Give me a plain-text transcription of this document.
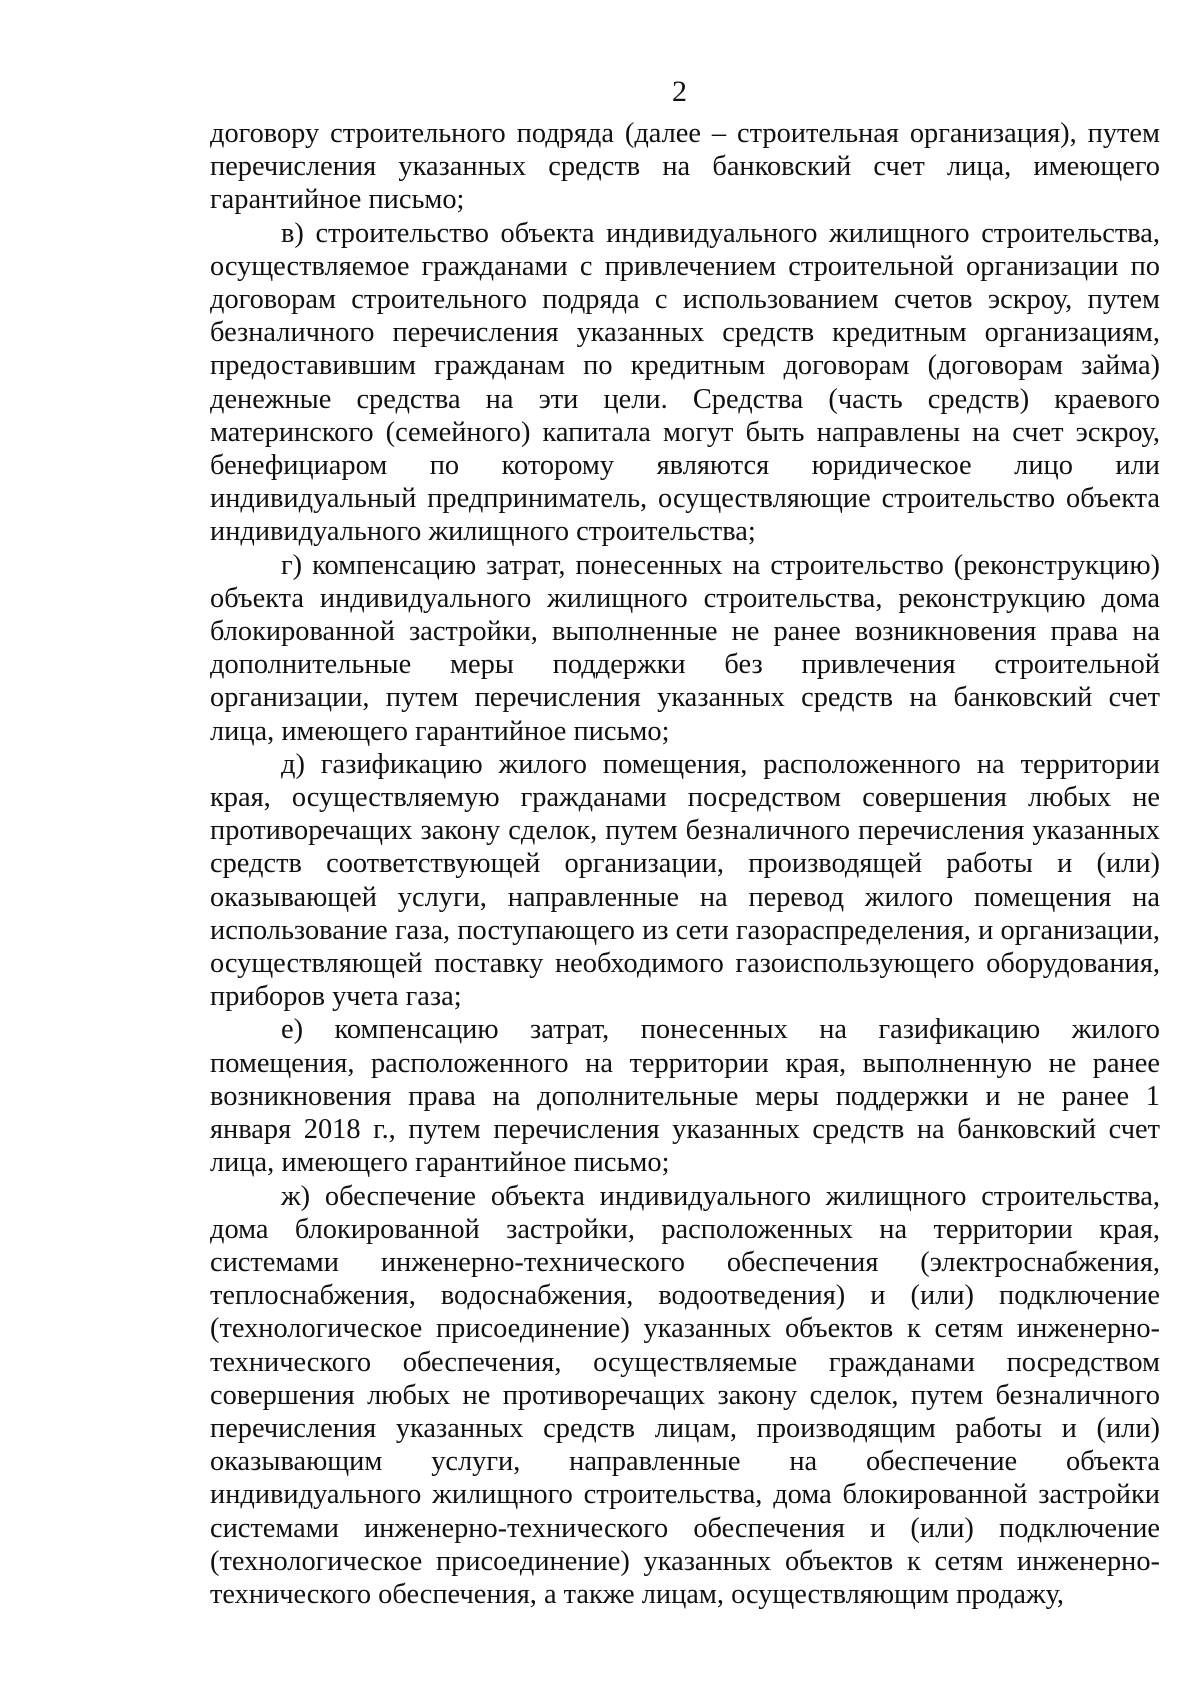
2

договору строительного подряда (далее – строительная организация), путем перечисления указанных средств на банковский счет лица, имеющего гарантийное письмо;

в) строительство объекта индивидуального жилищного строительства, осуществляемое гражданами с привлечением строительной организации по договорам строительного подряда с использованием счетов эскроу, путем безналичного перечисления указанных средств кредитным организациям, предоставившим гражданам по кредитным договорам (договорам займа) денежные средства на эти цели. Средства (часть средств) краевого материнского (семейного) капитала могут быть направлены на счет эскроу, бенефициаром по которому являются юридическое лицо или индивидуальный предприниматель, осуществляющие строительство объекта индивидуального жилищного строительства;

г) компенсацию затрат, понесенных на строительство (реконструкцию) объекта индивидуального жилищного строительства, реконструкцию дома блокированной застройки, выполненные не ранее возникновения права на дополнительные меры поддержки без привлечения строительной организации, путем перечисления указанных средств на банковский счет лица, имеющего гарантийное письмо;

д) газификацию жилого помещения, расположенного на территории края, осуществляемую гражданами посредством совершения любых не противоречащих закону сделок, путем безналичного перечисления указанных средств соответствующей организации, производящей работы и (или) оказывающей услуги, направленные на перевод жилого помещения на использование газа, поступающего из сети газораспределения, и организации, осуществляющей поставку необходимого газоиспользующего оборудования, приборов учета газа;

е) компенсацию затрат, понесенных на газификацию жилого помещения, расположенного на территории края, выполненную не ранее возникновения права на дополнительные меры поддержки и не ранее 1 января 2018 г., путем перечисления указанных средств на банковский счет лица, имеющего гарантийное письмо;

ж) обеспечение объекта индивидуального жилищного строительства, дома блокированной застройки, расположенных на территории края, системами инженерно-технического обеспечения (электроснабжения, теплоснабжения, водоснабжения, водоотведения) и (или) подключение (технологическое присоединение) указанных объектов к сетям инженерно-технического обеспечения, осуществляемые гражданами посредством совершения любых не противоречащих закону сделок, путем безналичного перечисления указанных средств лицам, производящим работы и (или) оказывающим услуги, направленные на обеспечение объекта индивидуального жилищного строительства, дома блокированной застройки системами инженерно-технического обеспечения и (или) подключение (технологическое присоединение) указанных объектов к сетям инженерно-технического обеспечения, а также лицам, осуществляющим продажу,
